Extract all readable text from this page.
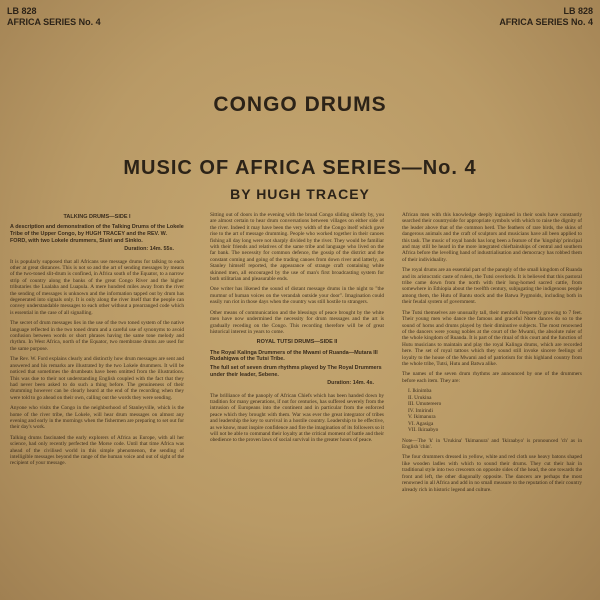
LB 828
AFRICA SERIES No. 4
LB 828
AFRICA SERIES No. 4
CONGO DRUMS
MUSIC OF AFRICA SERIES—No. 4
BY HUGH TRACEY
TALKING DRUMS—SIDE I
A description and demonstration of the Talking Drums of the Lokele Tribe of the Upper Congo, by HUGH TRACEY and the REV. W. FORD, with two Lokele drummers, Sisiri and Sinkio.
Duration: 14m. 55s.

It is popularly supposed that all Africans use message drums for talking to each other at great distances. This is not so and the art of sending messages by means of the two-toned slit-drum is confined, in Africa south of the Equator, to a narrow strip of country along the banks of the great Congo River and the higher tributaries the Lualaba and Luapula. A mere hundred miles away from the river the sending of messages is unknown and the information tapped out by drum has degenerated into signals only. It is only along the river itself that the people can convey understandable messages to each other without a prearranged code which is essential in the case of all signalling.

The secret of drum messages lies in the use of the two toned system of the native language reflected in the two toned drum and a careful use of synonyms to avoid confusion between words or short phrases having the same tone melody and rhythm. In West Africa, north of the Equator, two membrane drums are used for the same purpose.

The Rev. W. Ford explains clearly and distinctly how drum messages are sent and answered and his remarks are illustrated by the two Lokele drummers. It will be noticed that sometimes the drumbeats have been omitted from the illustrations. This was due to their not understanding English coupled with the fact that they had never been asked to do such a thing before. The genuineness of their drumming however can be clearly heard at the end of the recording when they were told to go ahead on their own, calling out the words they were sending.

Anyone who visits the Congo in the neighborhood of Stanleyville, which is the home of the river tribe, the Lokele, will hear drum messages on almost any evening and early in the mornings when the fishermen are preparing to set out for their day's work.

Talking drums fascinated the early explorers of Africa as Europe, with all her science, had only recently perfected the Morse code. Until that time Africa was ahead of the civilised world in this simple phenomenon, the sending of intelligible messages beyond the range of the human voice and out of sight of the recipient of your message.

Sitting out of doors in the evening with the broad Congo sliding silently by, you are almost certain to hear drum conversations between villages on either side of the river. Indeed it may have been the very width of the Congo itself which gave rise to the art of message drumming. People who worked together in their canoes fishing all day long were not sharply divided by the river. They would be familiar with their friends and relatives of the same tribe and language who lived on the far bank. The necessity for common defence, the gossip of the district and the constant coming and going of the trading canoes from down river and latterly, as Stanley himself reported, the appearance of strange craft containing white skinned men, all encouraged by the use of man's first broadcasting system for both utilitarian and pleasurable ends.

One writer has likened the sound of distant message drums in the night to "the murmur of human voices on the verandah outside your door". Imagination could easily run riot in those days when the country was still hostile to strangers.

Other means of communication and the blessings of peace brought by the white men have now undermined the necessity for drum messages and the art is gradually receding on the Congo. This recording therefore will be of great historical interest in years to come.

ROYAL TUTSI DRUMS—SIDE II
The Royal Kalinga Drummers of the Mwami of Ruanda—Mutara III Rudahigwa of the Tutsi Tribe.
The full set of seven drum rhythms played by The Royal Drummers under their leader, Sebene.
Duration: 14m. 4s.

The brilliance of the panoply of African Chiefs which has been handed down by tradition for many generations, if not for centuries, has suffered severely from the intrusion of Europeans into the continent and in particular from the enforced peace which they brought with them. War was ever the great integrator of tribes and leadership the key to survival in a hostile country. Leadership to be effective, as we know, must inspire confidence and fire the imagination of its followers so it will not be able to command their loyalty at the critical moment of battle and their obedience to the proven laws of social survival in the greater hours of peace.

African men with this knowledge deeply ingrained in their souls have constantly searched their countryside for appropriate symbols with which to raise the dignity of the leader above that of the common herd. The feathers of rare birds, the skins of dangerous animals and the craft of sculptors and musicians have all been applied to this task. The music of royal bands has long been a feature of the 'kingship' principal and may still be heard in the more integrated chieftainships of central and southern Africa before the levelling hand of industrialisation and democracy has robbed them of their individuality.

The royal drums are an essential part of the panoply of the small kingdom of Ruanda and its aristocratic caste of rulers, the Tutsi overlords. It is believed that this pastoral tribe came down from the north with their long-horned sacred cattle, from somewhere in Ethiopia about the twelfth century, subjugating the indigenous people among them, the Hutu of Bantu stock and the Batwa Pygmoids, including both in their feudal system of government.

The Tutsi themselves are unusually tall, their menfolk frequently growing to 7 feet. Their young men who dance the famous and graceful Ntore dances do so to the sound of horns and drums played by their diminutive subjects. The most renowned of the dancers were young nobles at the court of the Mwami, the absolute ruler of the whole kingdom of Ruanda. It is part of the ritual of this court and the function of Hutu musicians to maintain and play the royal Kalinga drums, which are recorded here. The set of royal tattoos which they sound still invoke sincere feelings of loyalty to the house of the Mwami and of patriotism for this highland country from the whole tribe, Tutsi, Hutu and Batwa alike.

The names of the seven drum rhythms are announced by one of the drummers before each item. They are:

I. Ikinimba
II. Urukina
III. Umutereero
IV. Imirindi
V. Ikimanura
VI. Agasiga
VII. Ikiraabyo

Note—The 'k' in 'Urukina' 'Ikimanura' and 'Ikiraabyo' is pronounced 'ch' as in English 'chin'.

The four drummers dressed in yellow, white and red cloth use heavy batons shaped like wooden ladles with which to sound their drums. They cut their hair in traditional style into two crescents on opposite sides of the head, the one towards the front and left, the other diagonally opposite. The dancers are perhaps the most renowned in all Africa and add in no small measure to the reputation of their country already rich in historic legend and culture.
